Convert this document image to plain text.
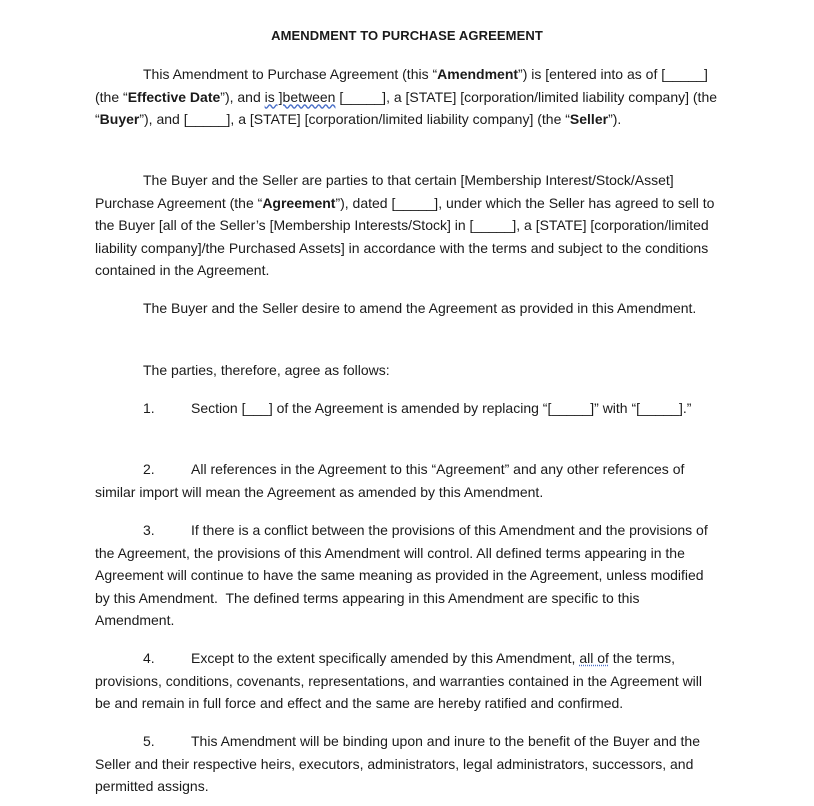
AMENDMENT TO PURCHASE AGREEMENT
This Amendment to Purchase Agreement (this “Amendment”) is [entered into as of [_____] (the “Effective Date”), and is ]between [_____], a [STATE] [corporation/limited liability company] (the “Buyer”), and [_____], a [STATE] [corporation/limited liability company] (the “Seller”).
The Buyer and the Seller are parties to that certain [Membership Interest/Stock/Asset] Purchase Agreement (the “Agreement”), dated [_____], under which the Seller has agreed to sell to the Buyer [all of the Seller’s [Membership Interests/Stock] in [_____], a [STATE] [corporation/limited liability company]/the Purchased Assets] in accordance with the terms and subject to the conditions contained in the Agreement.
The Buyer and the Seller desire to amend the Agreement as provided in this Amendment.
The parties, therefore, agree as follows:
1.	Section [___] of the Agreement is amended by replacing “[_____]” with “[_____].”
2.	All references in the Agreement to this “Agreement” and any other references of similar import will mean the Agreement as amended by this Amendment.
3.	If there is a conflict between the provisions of this Amendment and the provisions of the Agreement, the provisions of this Amendment will control. All defined terms appearing in the Agreement will continue to have the same meaning as provided in the Agreement, unless modified by this Amendment.  The defined terms appearing in this Amendment are specific to this Amendment.
4.	Except to the extent specifically amended by this Amendment, all of the terms, provisions, conditions, covenants, representations, and warranties contained in the Agreement will be and remain in full force and effect and the same are hereby ratified and confirmed.
5.	This Amendment will be binding upon and inure to the benefit of the Buyer and the Seller and their respective heirs, executors, administrators, legal administrators, successors, and permitted assigns.
